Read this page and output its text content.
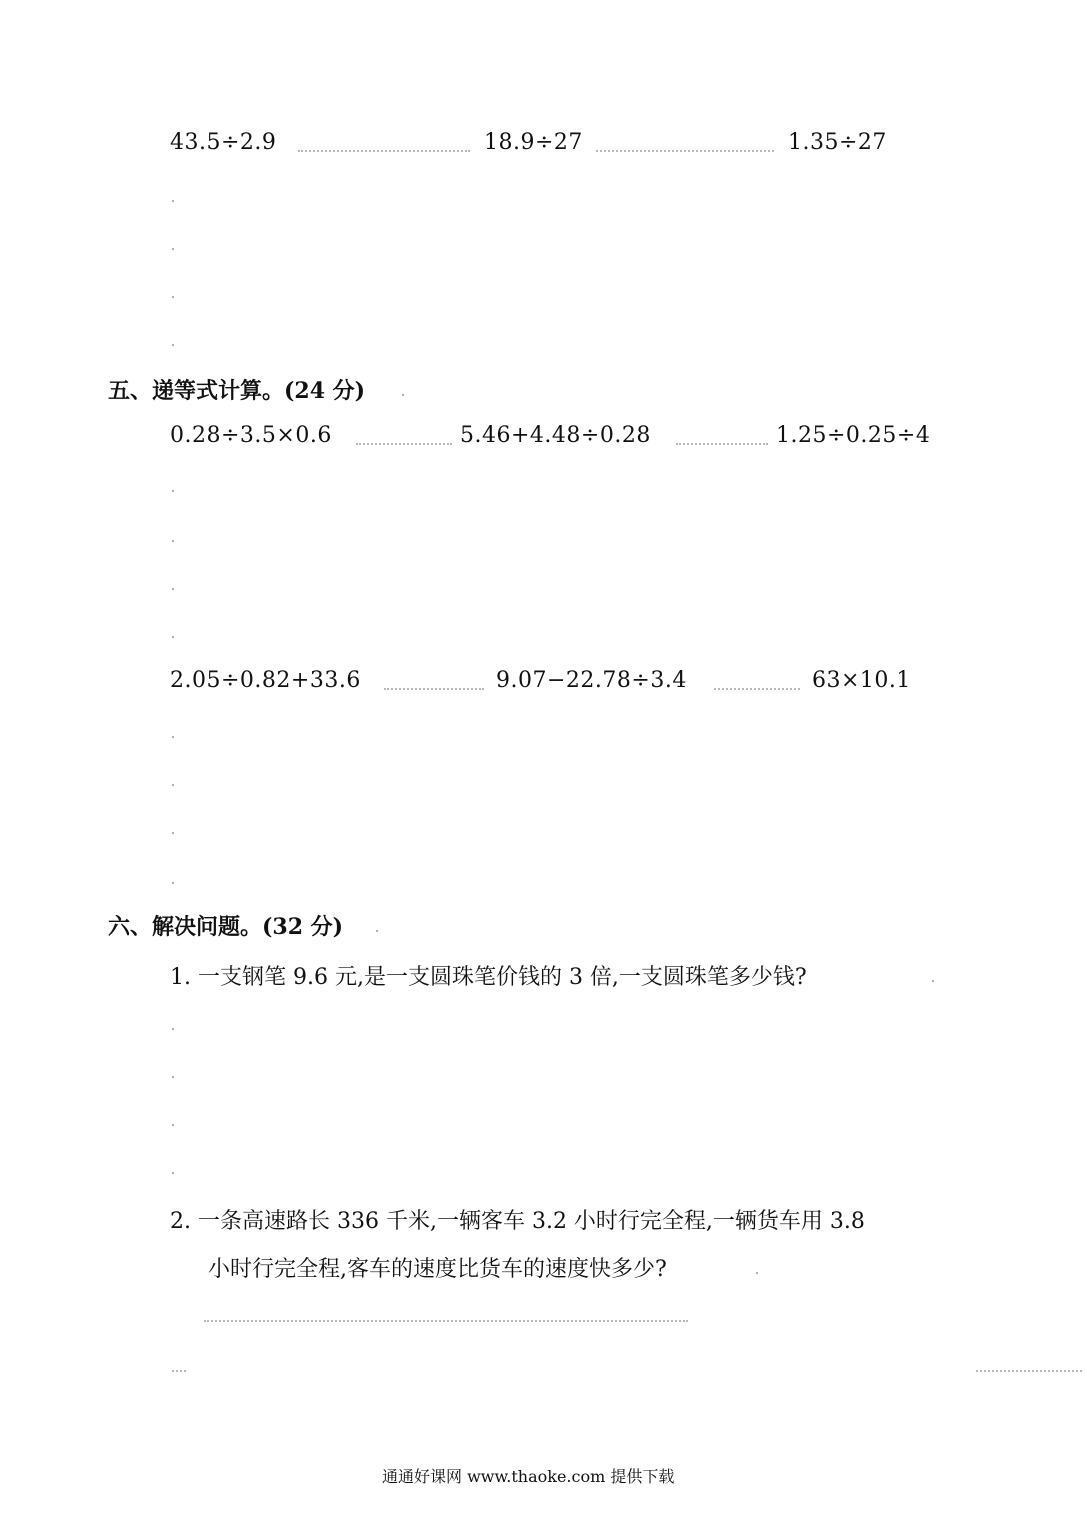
43.5÷2.9	18.9÷27	1.35÷27
五、递等式计算。(24 分)
0.28÷3.5×0.6	5.46+4.48÷0.28	1.25÷0.25÷4
2.05÷0.82+33.6	9.07−22.78÷3.4	63×10.1
六、解决问题。(32 分)
1. 一支钢笔 9.6 元,是一支圆珠笔价钱的 3 倍,一支圆珠笔多少钱?
2. 一条高速路长 336 千米,一辆客车 3.2 小时行完全程,一辆货车用 3.8
小时行完全程,客车的速度比货车的速度快多少?
通通好课网 www.thaoke.com 提供下载
